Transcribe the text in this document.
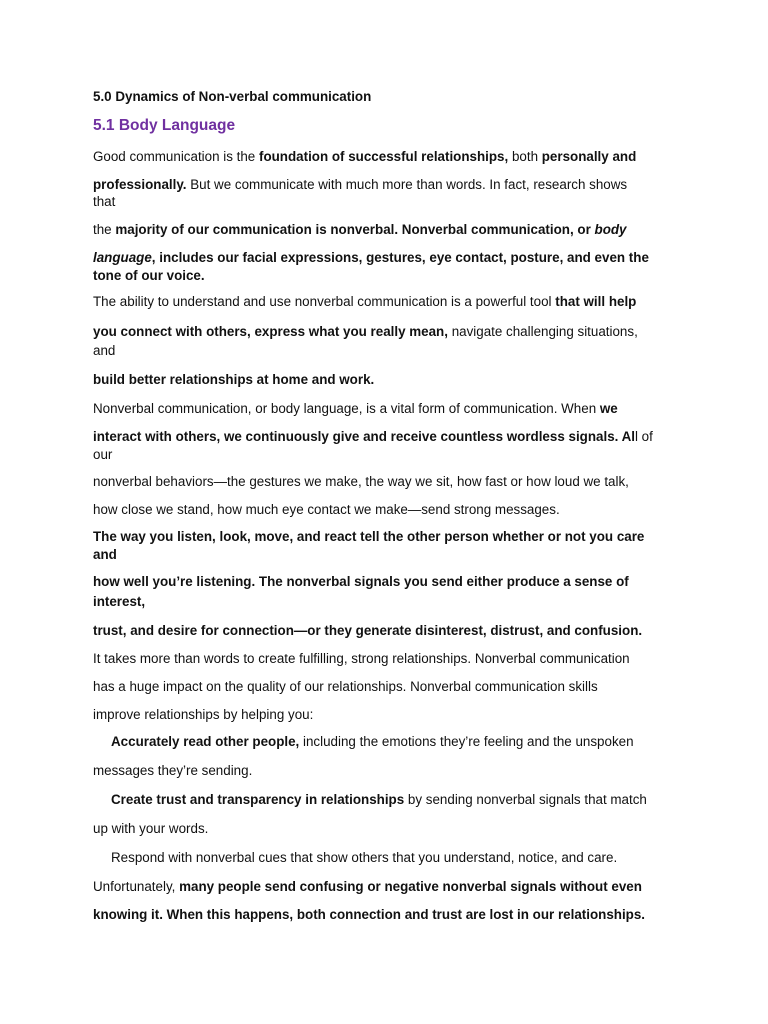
5.0 Dynamics of Non-verbal communication
5.1 Body Language
Good communication is the foundation of successful relationships, both personally and
professionally. But we communicate with much more than words. In fact, research shows
that
the majority of our communication is nonverbal. Nonverbal communication, or body
language, includes our facial expressions, gestures, eye contact, posture, and even the
tone of our voice.
The ability to understand and use nonverbal communication is a powerful tool that will help
you connect with others, express what you really mean, navigate challenging situations,
and
build better relationships at home and work.
Nonverbal communication, or body language, is a vital form of communication. When we
interact with others, we continuously give and receive countless wordless signals. All of
our
nonverbal behaviors—the gestures we make, the way we sit, how fast or how loud we talk,
how close we stand, how much eye contact we make—send strong messages.
The way you listen, look, move, and react tell the other person whether or not you care
and
how well you’re listening. The nonverbal signals you send either produce a sense of
interest,
trust, and desire for connection—or they generate disinterest, distrust, and confusion.
It takes more than words to create fulfilling, strong relationships. Nonverbal communication
has a huge impact on the quality of our relationships. Nonverbal communication skills
improve relationships by helping you:
Accurately read other people, including the emotions they’re feeling and the unspoken
messages they’re sending.
Create trust and transparency in relationships by sending nonverbal signals that match
up with your words.
Respond with nonverbal cues that show others that you understand, notice, and care.
Unfortunately, many people send confusing or negative nonverbal signals without even
knowing it. When this happens, both connection and trust are lost in our relationships.
